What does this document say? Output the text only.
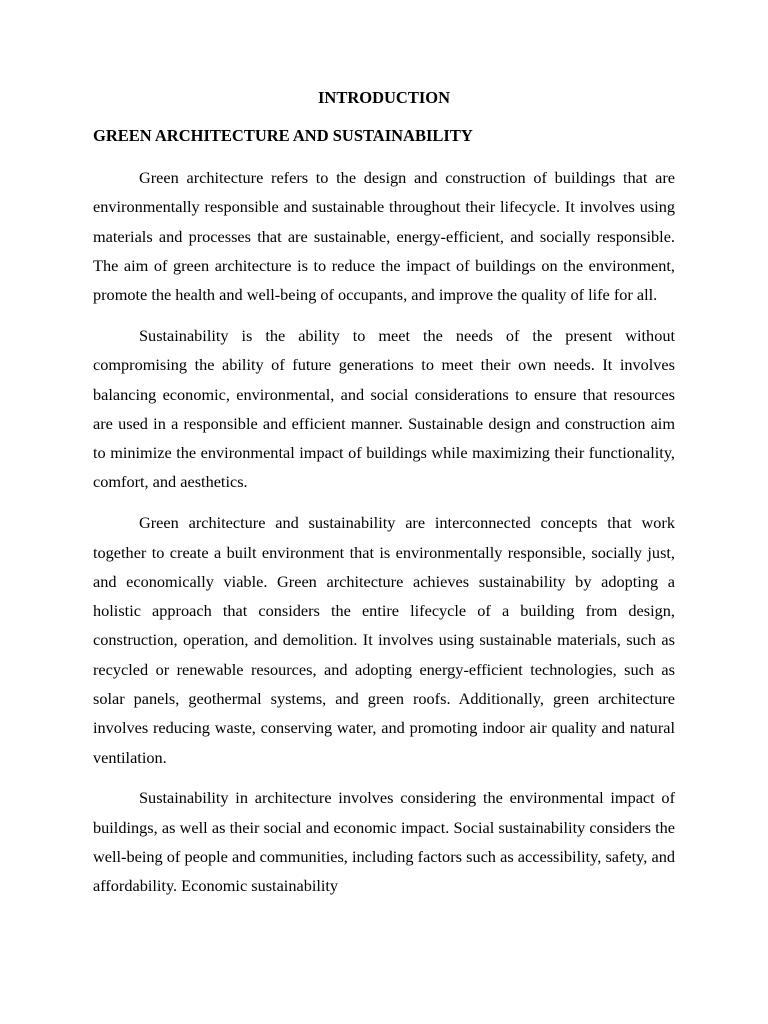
INTRODUCTION
GREEN ARCHITECTURE AND SUSTAINABILITY

Green architecture refers to the design and construction of buildings that are environmentally responsible and sustainable throughout their lifecycle. It involves using materials and processes that are sustainable, energy-efficient, and socially responsible. The aim of green architecture is to reduce the impact of buildings on the environment, promote the health and well-being of occupants, and improve the quality of life for all.

Sustainability is the ability to meet the needs of the present without compromising the ability of future generations to meet their own needs. It involves balancing economic, environmental, and social considerations to ensure that resources are used in a responsible and efficient manner. Sustainable design and construction aim to minimize the environmental impact of buildings while maximizing their functionality, comfort, and aesthetics.

Green architecture and sustainability are interconnected concepts that work together to create a built environment that is environmentally responsible, socially just, and economically viable. Green architecture achieves sustainability by adopting a holistic approach that considers the entire lifecycle of a building from design, construction, operation, and demolition. It involves using sustainable materials, such as recycled or renewable resources, and adopting energy-efficient technologies, such as solar panels, geothermal systems, and green roofs. Additionally, green architecture involves reducing waste, conserving water, and promoting indoor air quality and natural ventilation.

Sustainability in architecture involves considering the environmental impact of buildings, as well as their social and economic impact. Social sustainability considers the well-being of people and communities, including factors such as accessibility, safety, and affordability. Economic sustainability
